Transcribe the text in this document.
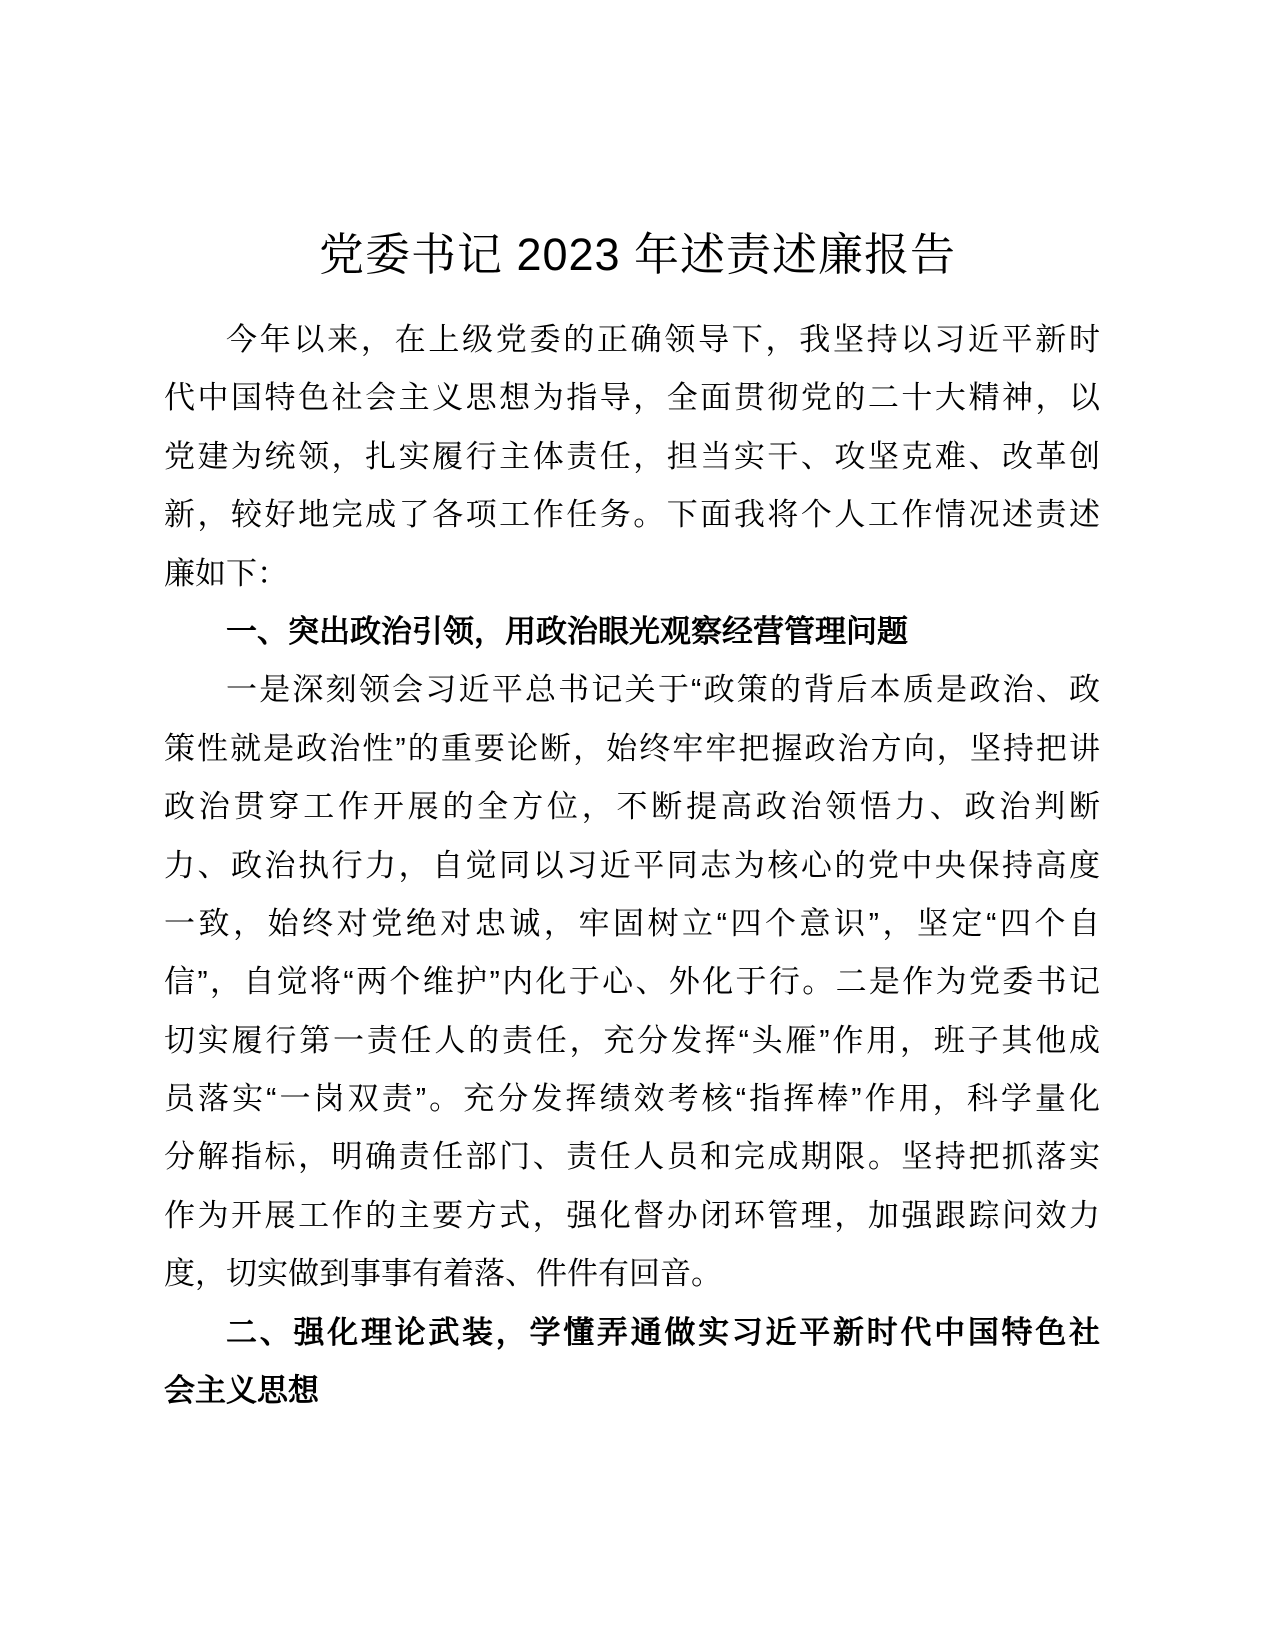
党委书记 2023 年述责述廉报告
今年以来，在上级党委的正确领导下，我坚持以习近平新时
代中国特色社会主义思想为指导，全面贯彻党的二十大精神，以
党建为统领，扎实履行主体责任，担当实干、攻坚克难、改革创
新，较好地完成了各项工作任务。下面我将个人工作情况述责述
廉如下：
一、突出政治引领，用政治眼光观察经营管理问题
一是深刻领会习近平总书记关于“政策的背后本质是政治、政
策性就是政治性”的重要论断，始终牢牢把握政治方向，坚持把讲
政治贯穿工作开展的全方位，不断提高政治领悟力、政治判断
力、政治执行力，自觉同以习近平同志为核心的党中央保持高度
一致，始终对党绝对忠诚，牢固树立“四个意识”，坚定“四个自
信”，自觉将“两个维护”内化于心、外化于行。二是作为党委书记
切实履行第一责任人的责任，充分发挥“头雁”作用，班子其他成
员落实“一岗双责”。充分发挥绩效考核“指挥棒”作用，科学量化
分解指标，明确责任部门、责任人员和完成期限。坚持把抓落实
作为开展工作的主要方式，强化督办闭环管理，加强跟踪问效力
度，切实做到事事有着落、件件有回音。
二、强化理论武装，学懂弄通做实习近平新时代中国特色社
会主义思想
